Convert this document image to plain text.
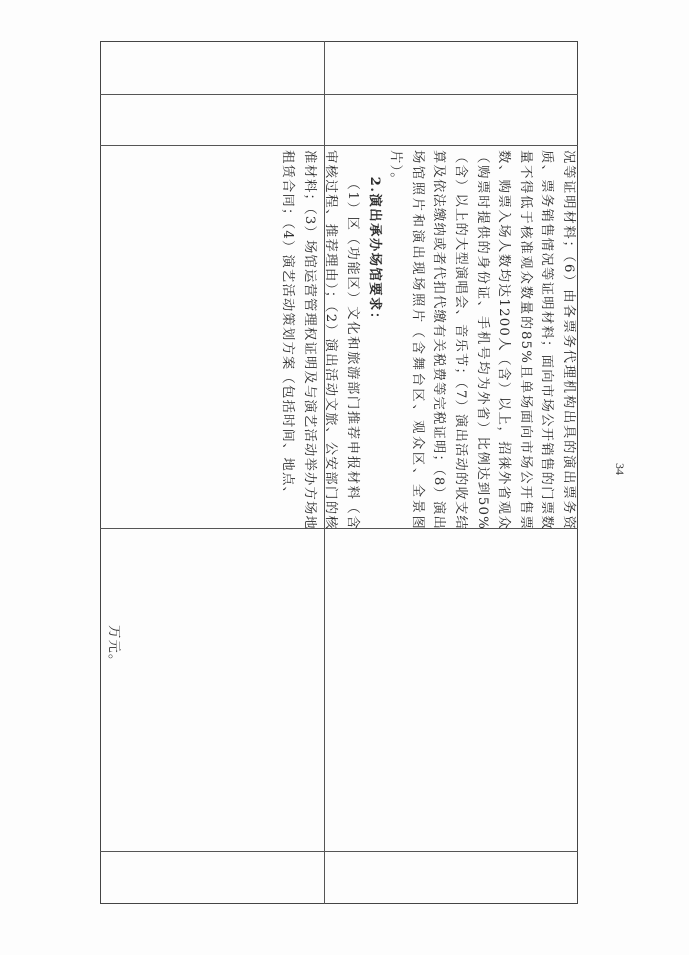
况等证明材料；（6）由各票务代理机构出具的演出票务资质、票务销售情况等证明材料；面向市场公开销售的门票数量不得低于核准观众数量的85%且单场面向市场公开售票数、购票入场人数均达1200人（含）以上，招徕外省观众（购票时提供的身份证、手机号均为外省）比例达到50%（含）以上的大型演唱会、音乐节；（7）演出活动的收支结算及依法缴纳或者代扣代缴有关税费等完税证明；（8）演出场馆照片和演出现场照片（含舞台区、观众区、全景图片）。

2.演出承办场馆要求：

（1）区（功能区）文化和旅游部门推荐申报材料（含审核过程、推荐理由）；（2）演出活动文旅、公安部门的核准材料；（3）场馆运营管理权证明及与演艺活动举办方场地租赁合同；（4）演艺活动策划方案（包括时间、地点、

万元。
34
